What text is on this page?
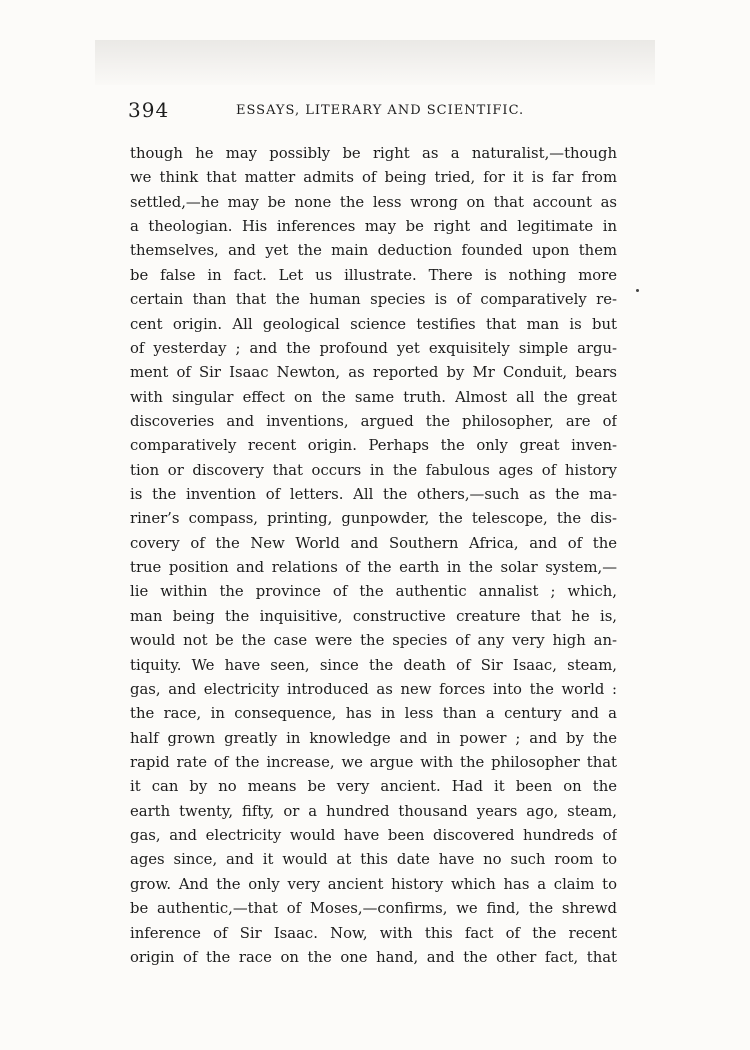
394	ESSAYS, LITERARY AND SCIENTIFIC.
though he may possibly be right as a naturalist,—though
we think that matter admits of being tried, for it is far from
settled,—he may be none the less wrong on that account as
a theologian. His inferences may be right and legitimate in
themselves, and yet the main deduction founded upon them
be false in fact. Let us illustrate. There is nothing more
certain than that the human species is of comparatively re-
cent origin. All geological science testifies that man is but
of yesterday ; and the profound yet exquisitely simple argu-
ment of Sir Isaac Newton, as reported by Mr Conduit, bears
with singular effect on the same truth. Almost all the great
discoveries and inventions, argued the philosopher, are of
comparatively recent origin. Perhaps the only great inven-
tion or discovery that occurs in the fabulous ages of history
is the invention of letters. All the others,—such as the ma-
riner’s compass, printing, gunpowder, the telescope, the dis-
covery of the New World and Southern Africa, and of the
true position and relations of the earth in the solar system,—
lie within the province of the authentic annalist ; which,
man being the inquisitive, constructive creature that he is,
would not be the case were the species of any very high an-
tiquity. We have seen, since the death of Sir Isaac, steam,
gas, and electricity introduced as new forces into the world :
the race, in consequence, has in less than a century and a
half grown greatly in knowledge and in power ; and by the
rapid rate of the increase, we argue with the philosopher that
it can by no means be very ancient. Had it been on the
earth twenty, fifty, or a hundred thousand years ago, steam,
gas, and electricity would have been discovered hundreds of
ages since, and it would at this date have no such room to
grow. And the only very ancient history which has a claim to
be authentic,—that of Moses,—confirms, we find, the shrewd
inference of Sir Isaac. Now, with this fact of the recent
origin of the race on the one hand, and the other fact, that
